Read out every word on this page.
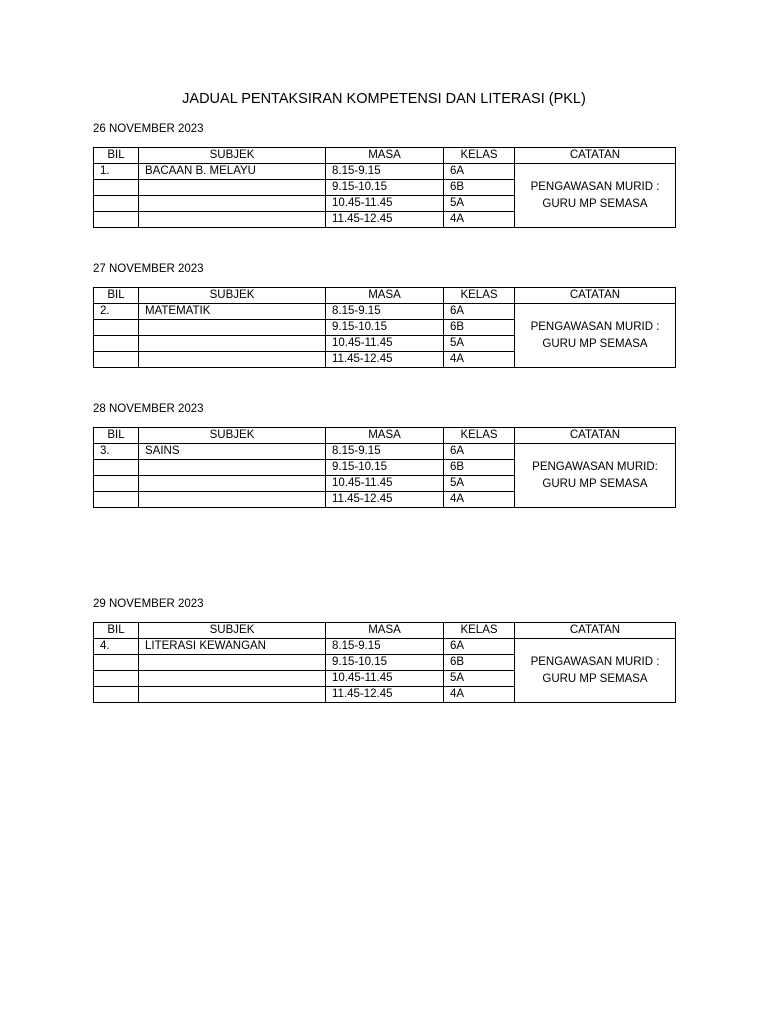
JADUAL PENTAKSIRAN KOMPETENSI DAN LITERASI (PKL)
26 NOVEMBER 2023
BIL	SUBJEK	MASA	KELAS	CATATAN
1.	BACAAN B. MELAYU	8.15-9.15	6A	PENGAWASAN MURID :
GURU MP SEMASA
		9.15-10.15	6B	
		10.45-11.45	5A	
		11.45-12.45	4A	
27 NOVEMBER 2023
BIL	SUBJEK	MASA	KELAS	CATATAN
2.	MATEMATIK	8.15-9.15	6A	PENGAWASAN MURID :
GURU MP SEMASA
		9.15-10.15	6B	
		10.45-11.45	5A	
		11.45-12.45	4A	
28 NOVEMBER 2023
BIL	SUBJEK	MASA	KELAS	CATATAN
3.	SAINS	8.15-9.15	6A	PENGAWASAN MURID:
GURU MP SEMASA
		9.15-10.15	6B	
		10.45-11.45	5A	
		11.45-12.45	4A	
29 NOVEMBER 2023
BIL	SUBJEK	MASA	KELAS	CATATAN
4.	LITERASI KEWANGAN	8.15-9.15	6A	PENGAWASAN MURID :
GURU MP SEMASA
		9.15-10.15	6B	
		10.45-11.45	5A	
		11.45-12.45	4A	
